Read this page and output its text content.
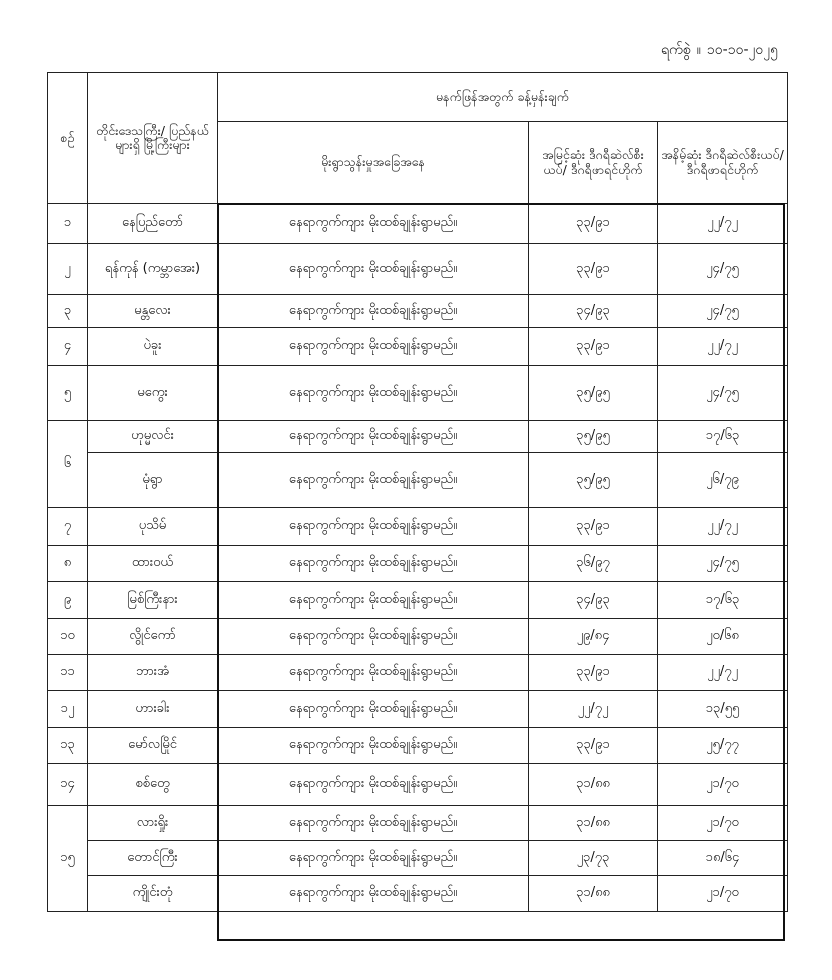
ရက်စွဲ ။ ၁၀-၁၀-၂၀၂၅
စဉ်	တိုင်းဒေသကြီး/ ပြည်နယ်များရှိ မြို့ကြီးများ	မနက်ဖြန်အတွက် ခန့်မှန်းချက်		
		မိုးရွာသွန်းမှုအခြေအနေ	အမြင့်ဆုံး ဒီဂရီဆဲလ်စီးယပ်/ ဒီဂရီဖာရင်ဟိုက်	အနိမ့်ဆုံး ဒီဂရီဆဲလ်စီးယပ်/ ဒီဂရီဖာရင်ဟိုက်
၁	နေပြည်တော်	နေရာကွက်ကျား မိုးထစ်ချုန်းရွာမည်။	၃၃/၉၁	၂၂/၇၂
၂	ရန်ကုန် (ကမ္ဘာအေး)	နေရာကွက်ကျား မိုးထစ်ချုန်းရွာမည်။	၃၃/၉၁	၂၄/၇၅
၃	မန္တလေး	နေရာကွက်ကျား မိုးထစ်ချုန်းရွာမည်။	၃၄/၉၃	၂၄/၇၅
၄	ပဲခူး	နေရာကွက်ကျား မိုးထစ်ချုန်းရွာမည်။	၃၃/၉၁	၂၂/၇၂
၅	မကွေး	နေရာကွက်ကျား မိုးထစ်ချုန်းရွာမည်။	၃၅/၉၅	၂၄/၇၅
၆	ဟုမ္မလင်း	နေရာကွက်ကျား မိုးထစ်ချုန်းရွာမည်။	၃၅/၉၅	၁၇/၆၃
	မုံရွာ	နေရာကွက်ကျား မိုးထစ်ချုန်းရွာမည်။	၃၅/၉၅	၂၆/၇၉
၇	ပုသိမ်	နေရာကွက်ကျား မိုးထစ်ချုန်းရွာမည်။	၃၃/၉၁	၂၂/၇၂
၈	ထားဝယ်	နေရာကွက်ကျား မိုးထစ်ချုန်းရွာမည်။	၃၆/၉၇	၂၄/၇၅
၉	မြစ်ကြီးနား	နေရာကွက်ကျား မိုးထစ်ချုန်းရွာမည်။	၃၄/၉၃	၁၇/၆၃
၁၀	လွိုင်ကော်	နေရာကွက်ကျား မိုးထစ်ချုန်းရွာမည်။	၂၉/၈၄	၂၀/၆၈
၁၁	ဘားအံ	နေရာကွက်ကျား မိုးထစ်ချုန်းရွာမည်။	၃၃/၉၁	၂၂/၇၂
၁၂	ဟားခါး	နေရာကွက်ကျား မိုးထစ်ချုန်းရွာမည်။	၂၂/၇၂	၁၃/၅၅
၁၃	မော်လမြိုင်	နေရာကွက်ကျား မိုးထစ်ချုန်းရွာမည်။	၃၃/၉၁	၂၅/၇၇
၁၄	စစ်တွေ	နေရာကွက်ကျား မိုးထစ်ချုန်းရွာမည်။	၃၁/၈၈	၂၁/၇၀
၁၅	လားရှိုး	နေရာကွက်ကျား မိုးထစ်ချုန်းရွာမည်။	၃၁/၈၈	၂၁/၇၀
	တောင်ကြီး	နေရာကွက်ကျား မိုးထစ်ချုန်းရွာမည်။	၂၃/၇၃	၁၈/၆၄
	ကျိုင်းတုံ	နေရာကွက်ကျား မိုးထစ်ချုန်းရွာမည်။	၃၁/၈၈	၂၁/၇၀
